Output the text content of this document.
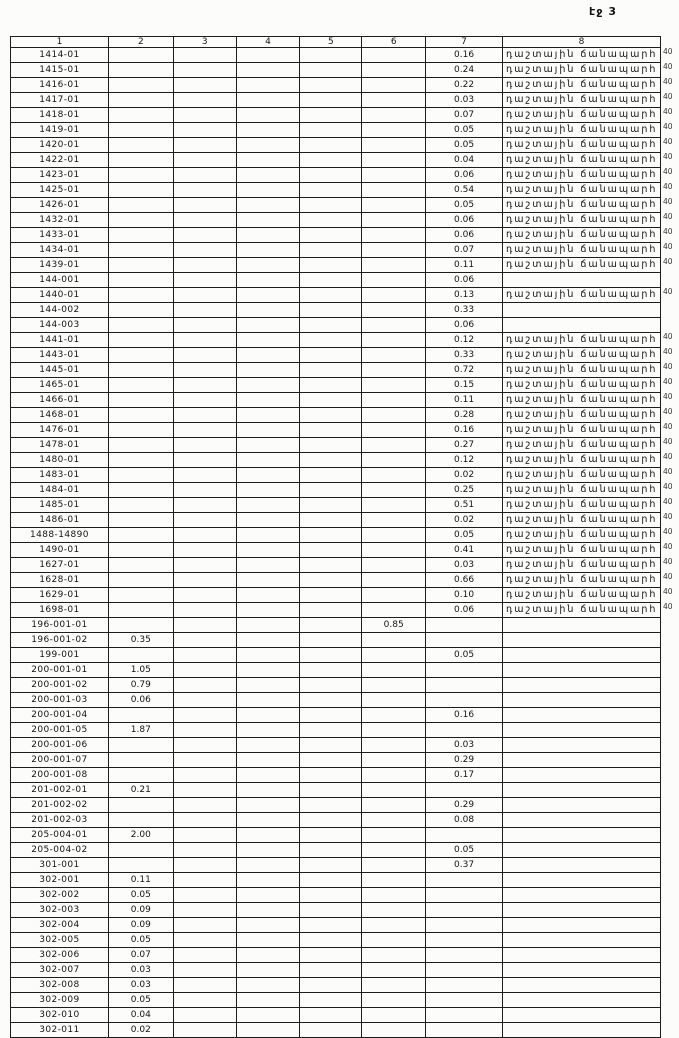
էջ 3
1	2	3	4	5	6	7	8	
1414-01						0.16	դաշտային ճանապարհ	40
1415-01						0.24	դաշտային ճանապարհ	40
1416-01						0.22	դաշտային ճանապարհ	40
1417-01						0.03	դաշտային ճանապարհ	40
1418-01						0.07	դաշտային ճանապարհ	40
1419-01						0.05	դաշտային ճանապարհ	40
1420-01						0.05	դաշտային ճանապարհ	40
1422-01						0.04	դաշտային ճանապարհ	40
1423-01						0.06	դաշտային ճանապարհ	40
1425-01						0.54	դաշտային ճանապարհ	40
1426-01						0.05	դաշտային ճանապարհ	40
1432-01						0.06	դաշտային ճանապարհ	40
1433-01						0.06	դաշտային ճանապարհ	40
1434-01						0.07	դաշտային ճանապարհ	40
1439-01						0.11	դաշտային ճանապարհ	40
144-001						0.06		
1440-01						0.13	դաշտային ճանապարհ	40
144-002						0.33		
144-003						0.06		
1441-01						0.12	դաշտային ճանապարհ	40
1443-01						0.33	դաշտային ճանապարհ	40
1445-01						0.72	դաշտային ճանապարհ	40
1465-01						0.15	դաշտային ճանապարհ	40
1466-01						0.11	դաշտային ճանապարհ	40
1468-01						0.28	դաշտային ճանապարհ	40
1476-01						0.16	դաշտային ճանապարհ	40
1478-01						0.27	դաշտային ճանապարհ	40
1480-01						0.12	դաշտային ճանապարհ	40
1483-01						0.02	դաշտային ճանապարհ	40
1484-01						0.25	դաշտային ճանապարհ	40
1485-01						0.51	դաշտային ճանապարհ	40
1486-01						0.02	դաշտային ճանապարհ	40
1488-14890						0.05	դաշտային ճանապարհ	40
1490-01						0.41	դաշտային ճանապարհ	40
1627-01						0.03	դաշտային ճանապարհ	40
1628-01						0.66	դաշտային ճանապարհ	40
1629-01						0.10	դաշտային ճանապարհ	40
1698-01						0.06	դաշտային ճանապարհ	40
196-001-01					0.85			
196-001-02	0.35							
199-001						0.05		
200-001-01	1.05							
200-001-02	0.79							
200-001-03	0.06							
200-001-04						0.16		
200-001-05	1.87							
200-001-06						0.03		
200-001-07						0.29		
200-001-08						0.17		
201-002-01	0.21							
201-002-02						0.29		
201-002-03						0.08		
205-004-01	2.00							
205-004-02						0.05		
301-001						0.37		
302-001	0.11							
302-002	0.05							
302-003	0.09							
302-004	0.09							
302-005	0.05							
302-006	0.07							
302-007	0.03							
302-008	0.03							
302-009	0.05							
302-010	0.04							
302-011	0.02							
